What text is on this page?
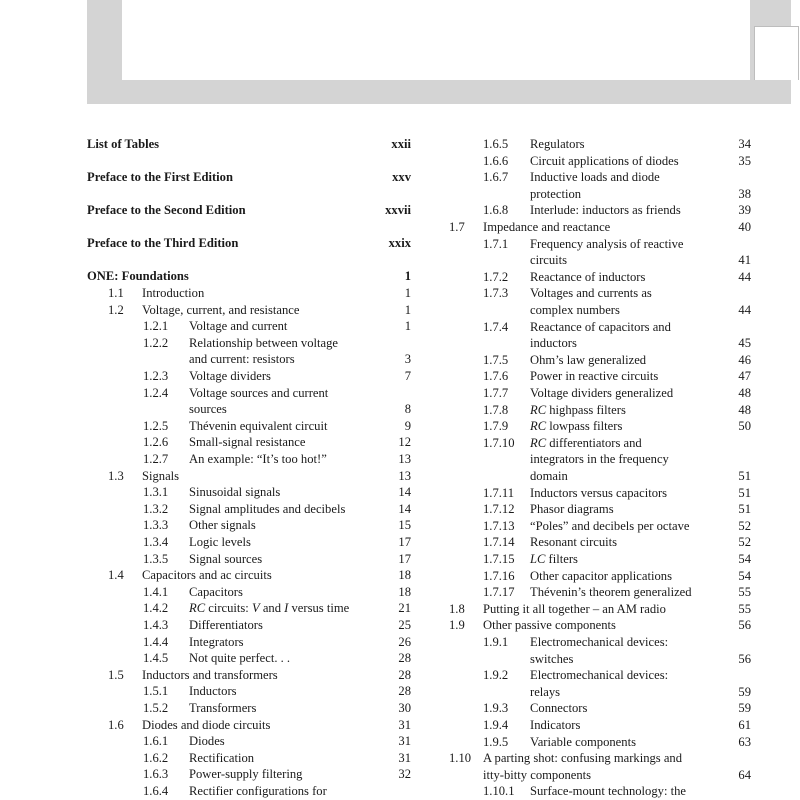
List of Tables	xxii
Preface to the First Edition	xxv
Preface to the Second Edition	xxvii
Preface to the Third Edition	xxix
ONE: Foundations	1
1.1 Introduction	1
1.2 Voltage, current, and resistance	1
1.2.1 Voltage and current	1
1.2.2 Relationship between voltage
and current: resistors	3
1.2.3 Voltage dividers	7
1.2.4 Voltage sources and current
sources	8
1.2.5 Thévenin equivalent circuit	9
1.2.6 Small-signal resistance	12
1.2.7 An example: “It’s too hot!”	13
1.3 Signals	13
1.3.1 Sinusoidal signals	14
1.3.2 Signal amplitudes and decibels	14
1.3.3 Other signals	15
1.3.4 Logic levels	17
1.3.5 Signal sources	17
1.4 Capacitors and ac circuits	18
1.4.1 Capacitors	18
1.4.2 RC circuits: V and I versus time	21
1.4.3 Differentiators	25
1.4.4 Integrators	26
1.4.5 Not quite perfect. . .	28
1.5 Inductors and transformers	28
1.5.1 Inductors	28
1.5.2 Transformers	30
1.6 Diodes and diode circuits	31
1.6.1 Diodes	31
1.6.2 Rectification	31
1.6.3 Power-supply filtering	32
1.6.4 Rectifier configurations for
1.6.5 Regulators	34
1.6.6 Circuit applications of diodes	35
1.6.7 Inductive loads and diode
protection	38
1.6.8 Interlude: inductors as friends	39
1.7 Impedance and reactance	40
1.7.1 Frequency analysis of reactive
circuits	41
1.7.2 Reactance of inductors	44
1.7.3 Voltages and currents as
complex numbers	44
1.7.4 Reactance of capacitors and
inductors	45
1.7.5 Ohm’s law generalized	46
1.7.6 Power in reactive circuits	47
1.7.7 Voltage dividers generalized	48
1.7.8 RC highpass filters	48
1.7.9 RC lowpass filters	50
1.7.10 RC differentiators and
integrators in the frequency
domain	51
1.7.11 Inductors versus capacitors	51
1.7.12 Phasor diagrams	51
1.7.13 “Poles” and decibels per octave	52
1.7.14 Resonant circuits	52
1.7.15 LC filters	54
1.7.16 Other capacitor applications	54
1.7.17 Thévenin’s theorem generalized	55
1.8 Putting it all together – an AM radio	55
1.9 Other passive components	56
1.9.1 Electromechanical devices:
switches	56
1.9.2 Electromechanical devices:
relays	59
1.9.3 Connectors	59
1.9.4 Indicators	61
1.9.5 Variable components	63
1.10 A parting shot: confusing markings and
itty-bitty components	64
1.10.1 Surface-mount technology: the
